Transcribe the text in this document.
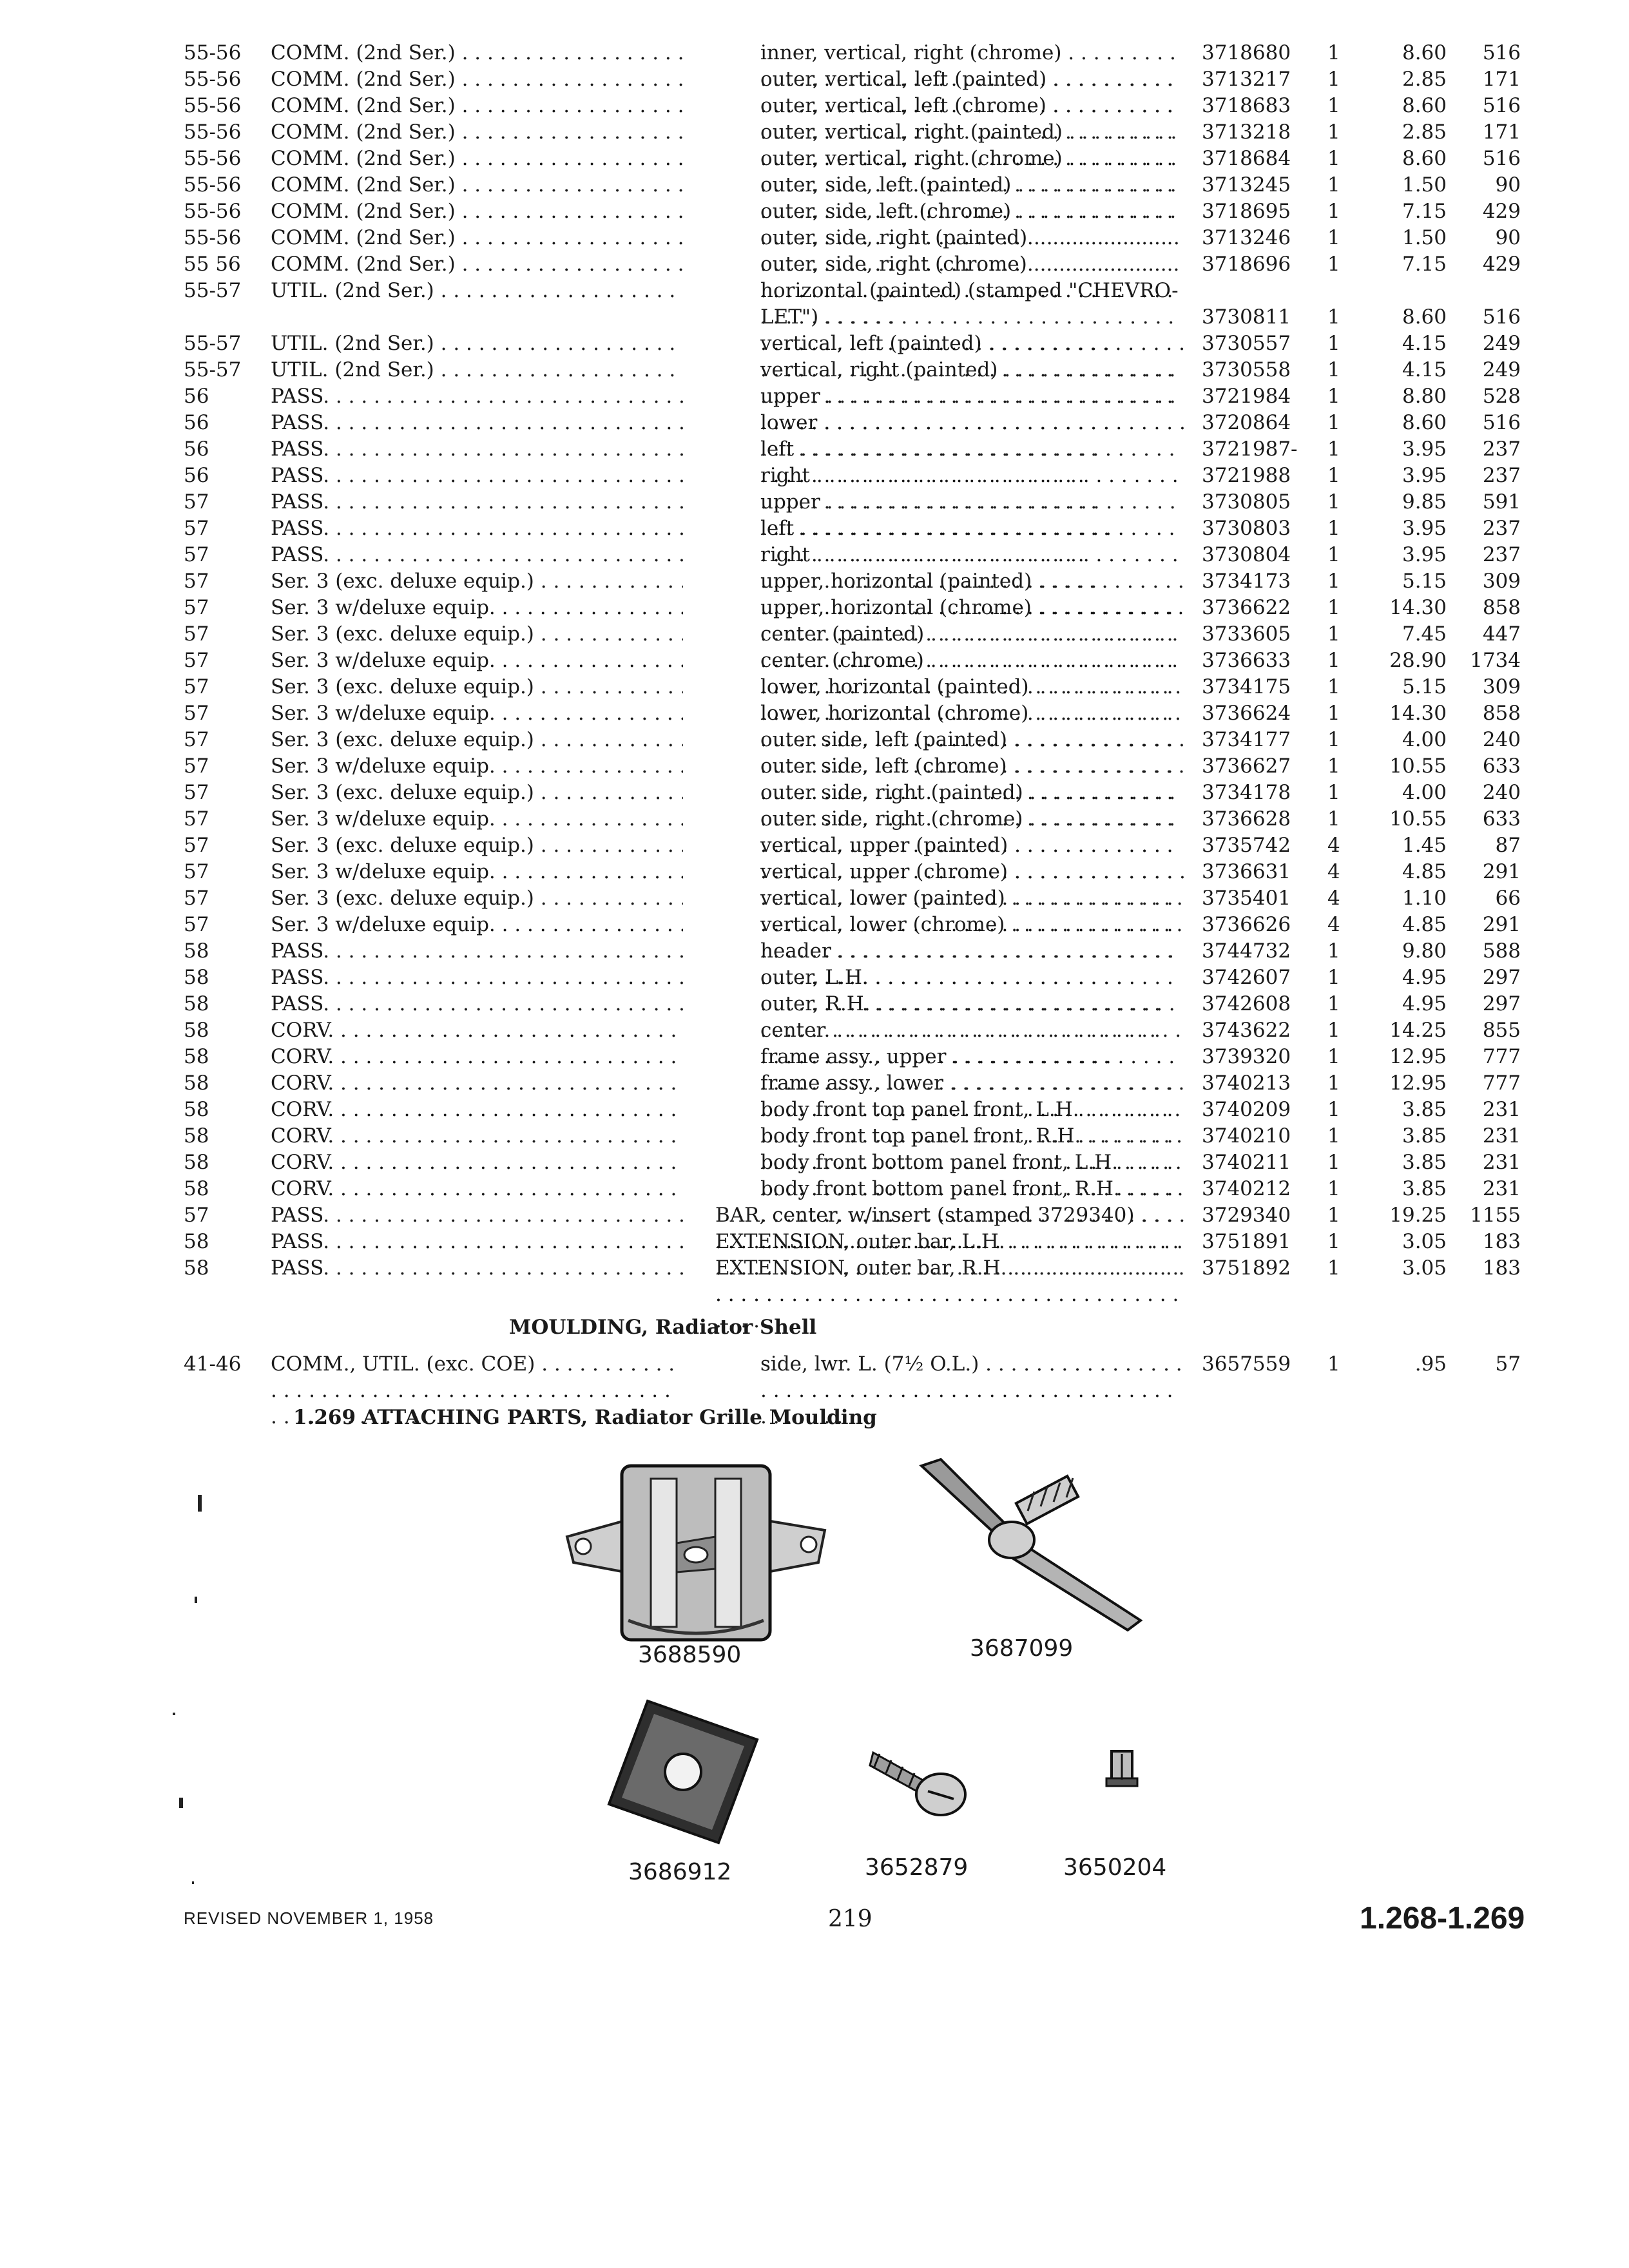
55-56	COMM. (2nd Ser.) . . .	inner, vertical, right (chrome) . . .	3718680	1	8.60	516
55-56	COMM. (2nd Ser.) . . .	outer, vertical, left (painted) . . .	3713217	1	2.85	171
55-56	COMM. (2nd Ser.) . . .	outer, vertical, left (chrome) . . .	3718683	1	8.60	516
55-56	COMM. (2nd Ser.) . . .	outer, vertical, right (painted) . . .	3713218	1	2.85	171
55-56	COMM. (2nd Ser.) . . .	outer, vertical, right (chrome) . . .	3718684	1	8.60	516
55-56	COMM. (2nd Ser.) . . .	outer, side, left (painted) . . .	3713245	1	1.50	90
55-56	COMM. (2nd Ser.) . . .	outer, side, left (chrome) . . .	3718695	1	7.15	429
55-56	COMM. (2nd Ser.) . . .	outer, side, right (painted) . . .	3713246	1	1.50	90
55 56	COMM. (2nd Ser.) . . .	outer, side, right (chrome) . . .	3718696	1	7.15	429
55-57	UTIL. (2nd Ser.) . . .	horizontal (painted) (stamped "CHEVRO-LET") . . .	3730811	1	8.60	516
55-57	UTIL. (2nd Ser.) . . .	vertical, left (painted) . . .	3730557	1	4.15	249
55-57	UTIL. (2nd Ser.) . . .	vertical, right (painted) . . .	3730558	1	4.15	249
56	PASS. . . .	upper . . .	3721984	1	8.80	528
56	PASS. . . .	lower . . .	3720864	1	8.60	516
56	PASS. . . .	left . . .	3721987-	1	3.95	237
56	PASS. . . .	right . . .	3721988	1	3.95	237
57	PASS. . . .	upper . . .	3730805	1	9.85	591
57	PASS. . . .	left . . .	3730803	1	3.95	237
57	PASS. . . .	right . . .	3730804	1	3.95	237
57	Ser. 3 (exc. deluxe equip.) . . .	upper, horizontal (painted) . . .	3734173	1	5.15	309
57	Ser. 3 w/deluxe equip. . . .	upper, horizontal (chrome) . . .	3736622	1	14.30	858
57	Ser. 3 (exc. deluxe equip.) . . .	center (painted) . . .	3733605	1	7.45	447
57	Ser. 3 w/deluxe equip. . . .	center (chrome) . . .	3736633	1	28.90	1734
57	Ser. 3 (exc. deluxe equip.) . . .	lower, horizontal (painted) . . .	3734175	1	5.15	309
57	Ser. 3 w/deluxe equip. . . .	lower, horizontal (chrome) . . .	3736624	1	14.30	858
57	Ser. 3 (exc. deluxe equip.) . . .	outer side, left (painted) . . .	3734177	1	4.00	240
57	Ser. 3 w/deluxe equip. . . .	outer side, left (chrome) . . .	3736627	1	10.55	633
57	Ser. 3 (exc. deluxe equip.) . . .	outer side, right (painted) . . .	3734178	1	4.00	240
57	Ser. 3 w/deluxe equip. . . .	outer side, right (chrome) . . .	3736628	1	10.55	633
57	Ser. 3 (exc. deluxe equip.) . . .	vertical, upper (painted) . . .	3735742	4	1.45	87
57	Ser. 3 w/deluxe equip. . . .	vertical, upper (chrome) . . .	3736631	4	4.85	291
57	Ser. 3 (exc. deluxe equip.) . . .	vertical, lower (painted) . . .	3735401	4	1.10	66
57	Ser. 3 w/deluxe equip. . . .	vertical, lower (chrome) . . .	3736626	4	4.85	291
58	PASS. . . .	header . . .	3744732	1	9.80	588
58	PASS. . . .	outer, L.H. . . .	3742607	1	4.95	297
58	PASS. . . .	outer, R.H. . . .	3742608	1	4.95	297
58	CORV. . . .	center . . .	3743622	1	14.25	855
58	CORV. . . .	frame assy., upper . . .	3739320	1	12.95	777
58	CORV. . . .	frame assy., lower . . .	3740213	1	12.95	777
58	CORV. . . .	body front top panel front, L.H. . . .	3740209	1	3.85	231
58	CORV. . . .	body front top panel front, R.H. . . .	3740210	1	3.85	231
58	CORV. . . .	body front bottom panel front, L.H. . . .	3740211	1	3.85	231
58	CORV. . . .	body front bottom panel front, R.H. . . .	3740212	1	3.85	231
57	PASS. . . .	BAR, center, w/insert (stamped 3729340) . . .	3729340	1	19.25	1155
58	PASS. . . .	EXTENSION, outer bar, L.H. . . .	3751891	1	3.05	183
58	PASS. . . .	EXTENSION, outer bar, R.H. . . .	3751892	1	3.05	183
MOULDING, Radiator Shell
41-46	COMM., UTIL. (exc. COE) . . .	side, lwr. L. (7½ O.L.) . . .	3657559	1	.95	57
1.269 ATTACHING PARTS, Radiator Grille Moulding
3688590	3687099
3686912	3652879	3650204
REVISED NOVEMBER 1, 1958	219	1.268-1.269
